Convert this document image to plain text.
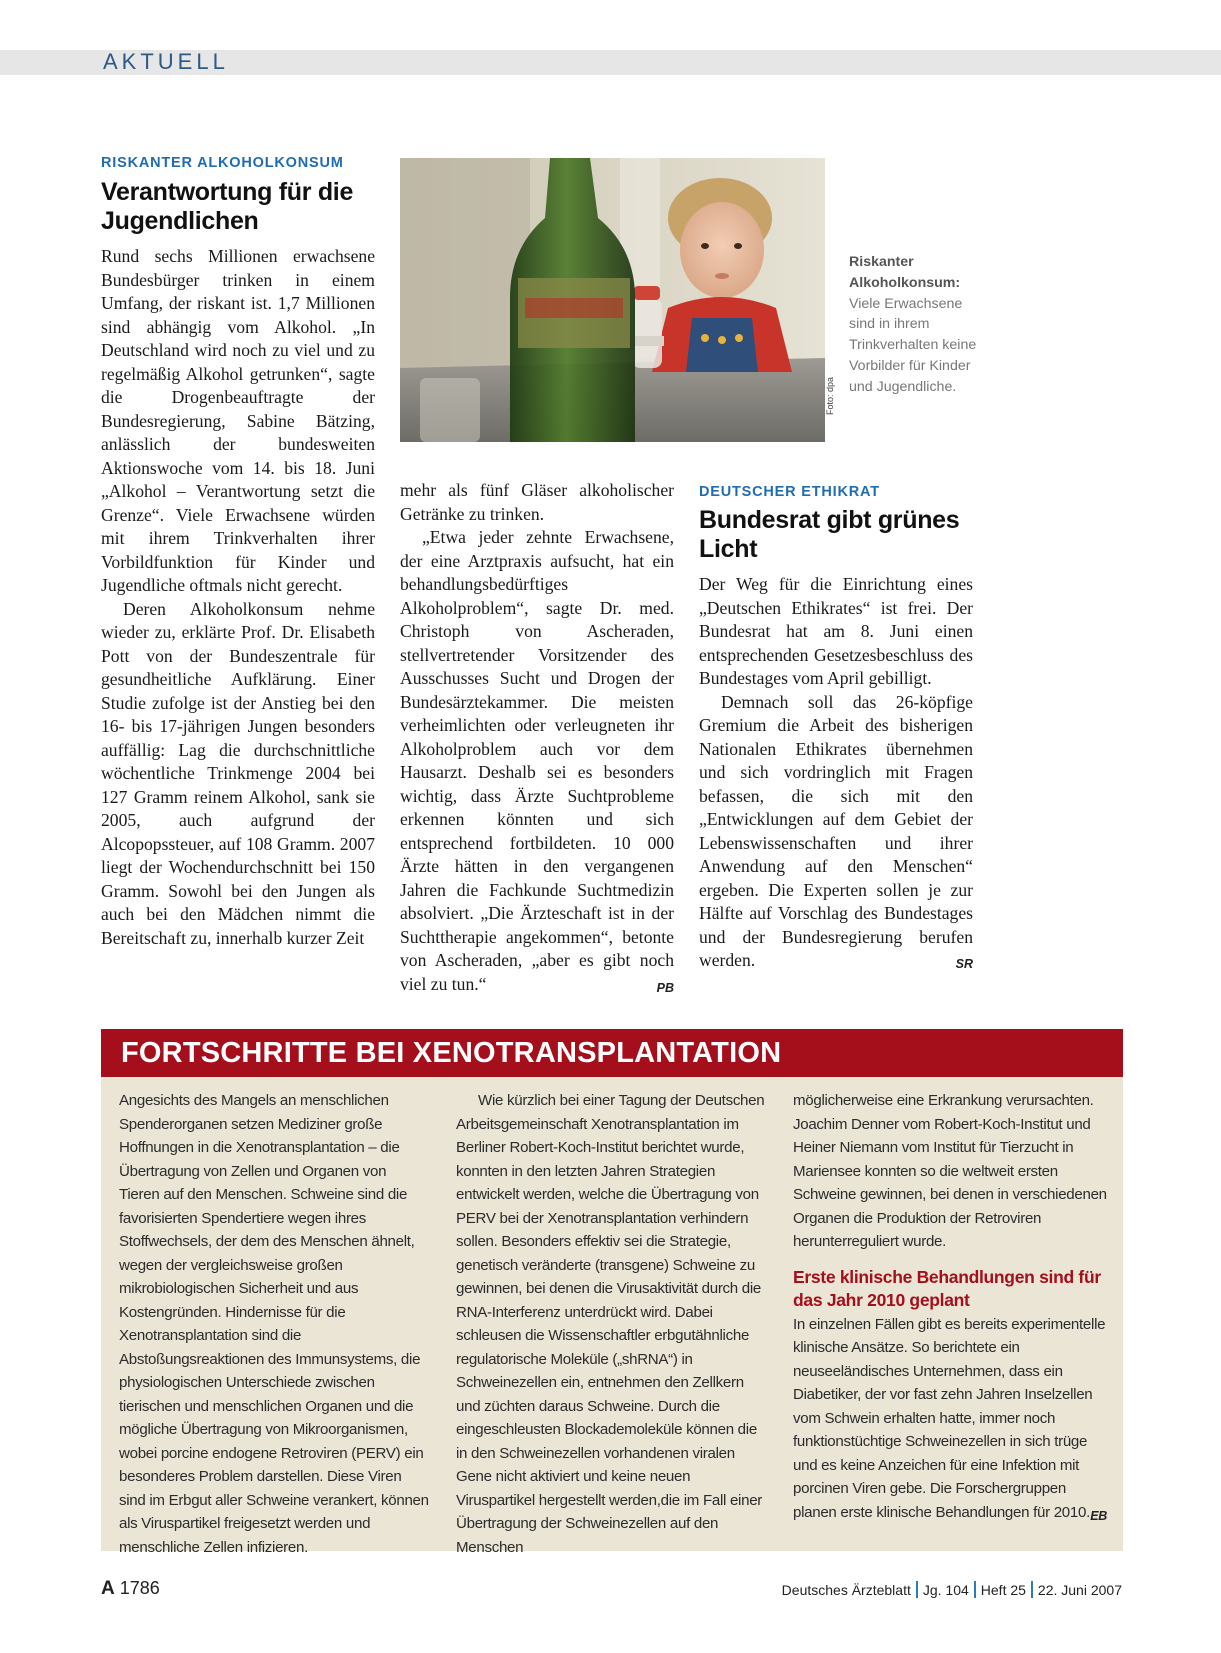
AKTUELL
RISKANTER ALKOHOLKONSUM
Verantwortung für die Jugendlichen

Rund sechs Millionen erwachsene Bundesbürger trinken in einem Umfang, der riskant ist. 1,7 Millionen sind abhängig vom Alkohol. „In Deutschland wird noch zu viel und zu regelmäßig Alkohol getrunken“, sagte die Drogenbeauftragte der Bundesregierung, Sabine Bätzing, anlässlich der bundesweiten Aktionswoche vom 14. bis 18. Juni „Alkohol – Verantwortung setzt die Grenze“. Viele Erwachsene würden mit ihrem Trinkverhalten ihrer Vorbildfunktion für Kinder und Jugendliche oftmals nicht gerecht.

Deren Alkoholkonsum nehme wieder zu, erklärte Prof. Dr. Elisabeth Pott von der Bundeszentrale für gesundheitliche Aufklärung. Einer Studie zufolge ist der Anstieg bei den 16- bis 17-jährigen Jungen besonders auffällig: Lag die durchschnittliche wöchentliche Trinkmenge 2004 bei 127 Gramm reinem Alkohol, sank sie 2005, auch aufgrund der Alcopopssteuer, auf 108 Gramm. 2007 liegt der Wochendurchschnitt bei 150 Gramm. Sowohl bei den Jungen als auch bei den Mädchen nimmt die Bereitschaft zu, innerhalb kurzer Zeit

mehr als fünf Gläser alkoholischer Getränke zu trinken.

„Etwa jeder zehnte Erwachsene, der eine Arztpraxis aufsucht, hat ein behandlungsbedürftiges Alkoholproblem“, sagte Dr. med. Christoph von Ascheraden, stellvertretender Vorsitzender des Ausschusses Sucht und Drogen der Bundesärztekammer. Die meisten verheimlichten oder verleugneten ihr Alkoholproblem auch vor dem Hausarzt. Deshalb sei es besonders wichtig, dass Ärzte Suchtprobleme erkennen könnten und sich entsprechend fortbildeten. 10 000 Ärzte hätten in den vergangenen Jahren die Fachkunde Suchtmedizin absolviert. „Die Ärzteschaft ist in der Suchttherapie angekommen“, betonte von Ascheraden, „aber es gibt noch viel zu tun.“	PB

Foto: dpa
Riskanter Alkoholkonsum: Viele Erwachsene sind in ihrem Trinkverhalten keine Vorbilder für Kinder und Jugendliche.
DEUTSCHER ETHIKRAT
Bundesrat gibt grünes Licht

Der Weg für die Einrichtung eines „Deutschen Ethikrates“ ist frei. Der Bundesrat hat am 8. Juni einen entsprechenden Gesetzesbeschluss des Bundestages vom April gebilligt.

Demnach soll das 26-köpfige Gremium die Arbeit des bisherigen Nationalen Ethikrates übernehmen und sich vordringlich mit Fragen befassen, die sich mit den „Entwicklungen auf dem Gebiet der Lebenswissenschaften und ihrer Anwendung auf den Menschen“ ergeben. Die Experten sollen je zur Hälfte auf Vorschlag des Bundestages und der Bundesregierung berufen werden.	SR

FORTSCHRITTE BEI XENOTRANSPLANTATION

Angesichts des Mangels an menschlichen Spenderorganen setzen Mediziner große Hoffnungen in die Xenotransplantation – die Übertragung von Zellen und Organen von Tieren auf den Menschen. Schweine sind die favorisierten Spendertiere wegen ihres Stoffwechsels, der dem des Menschen ähnelt, wegen der vergleichsweise großen mikrobiologischen Sicherheit und aus Kostengründen. Hindernisse für die Xenotransplantation sind die Abstoßungsreaktionen des Immunsystems, die physiologischen Unterschiede zwischen tierischen und menschlichen Organen und die mögliche Übertragung von Mikroorganismen, wobei porcine endogene Retroviren (PERV) ein besonderes Problem darstellen. Diese Viren sind im Erbgut aller Schweine verankert, können als Viruspartikel freigesetzt werden und menschliche Zellen infizieren.

Wie kürzlich bei einer Tagung der Deutschen Arbeitsgemeinschaft Xenotransplantation im Berliner Robert-Koch-Institut berichtet wurde, konnten in den letzten Jahren Strategien entwickelt werden, welche die Übertragung von PERV bei der Xenotransplantation verhindern sollen. Besonders effektiv sei die Strategie, genetisch veränderte (transgene) Schweine zu gewinnen, bei denen die Virusaktivität durch die RNA-Interferenz unterdrückt wird. Dabei schleusen die Wissenschaftler erbgutähnliche regulatorische Moleküle („shRNA“) in Schweinezellen ein, entnehmen den Zellkern und züchten daraus Schweine. Durch die eingeschleusten Blockademoleküle können die in den Schweinezellen vorhandenen viralen Gene nicht aktiviert und keine neuen Viruspartikel hergestellt werden,die im Fall einer Übertragung der Schweinezellen auf den Menschen

möglicherweise eine Erkrankung verursachten. Joachim Denner vom Robert-Koch-Institut und Heiner Niemann vom Institut für Tierzucht in Mariensee konnten so die weltweit ersten Schweine gewinnen, bei denen in verschiedenen Organen die Produktion der Retroviren herunterreguliert wurde.

Erste klinische Behandlungen sind für das Jahr 2010 geplant

In einzelnen Fällen gibt es bereits experimentelle klinische Ansätze. So berichtete ein neuseeländisches Unternehmen, dass ein Diabetiker, der vor fast zehn Jahren Inselzellen vom Schwein erhalten hatte, immer noch funktionstüchtige Schweinezellen in sich trüge und es keine Anzeichen für eine Infektion mit porcinen Viren gebe. Die Forschergruppen planen erste klinische Behandlungen für 2010. EB

A 1786	Deutsches Ärzteblatt Jg. 104 Heft 25 22. Juni 2007
